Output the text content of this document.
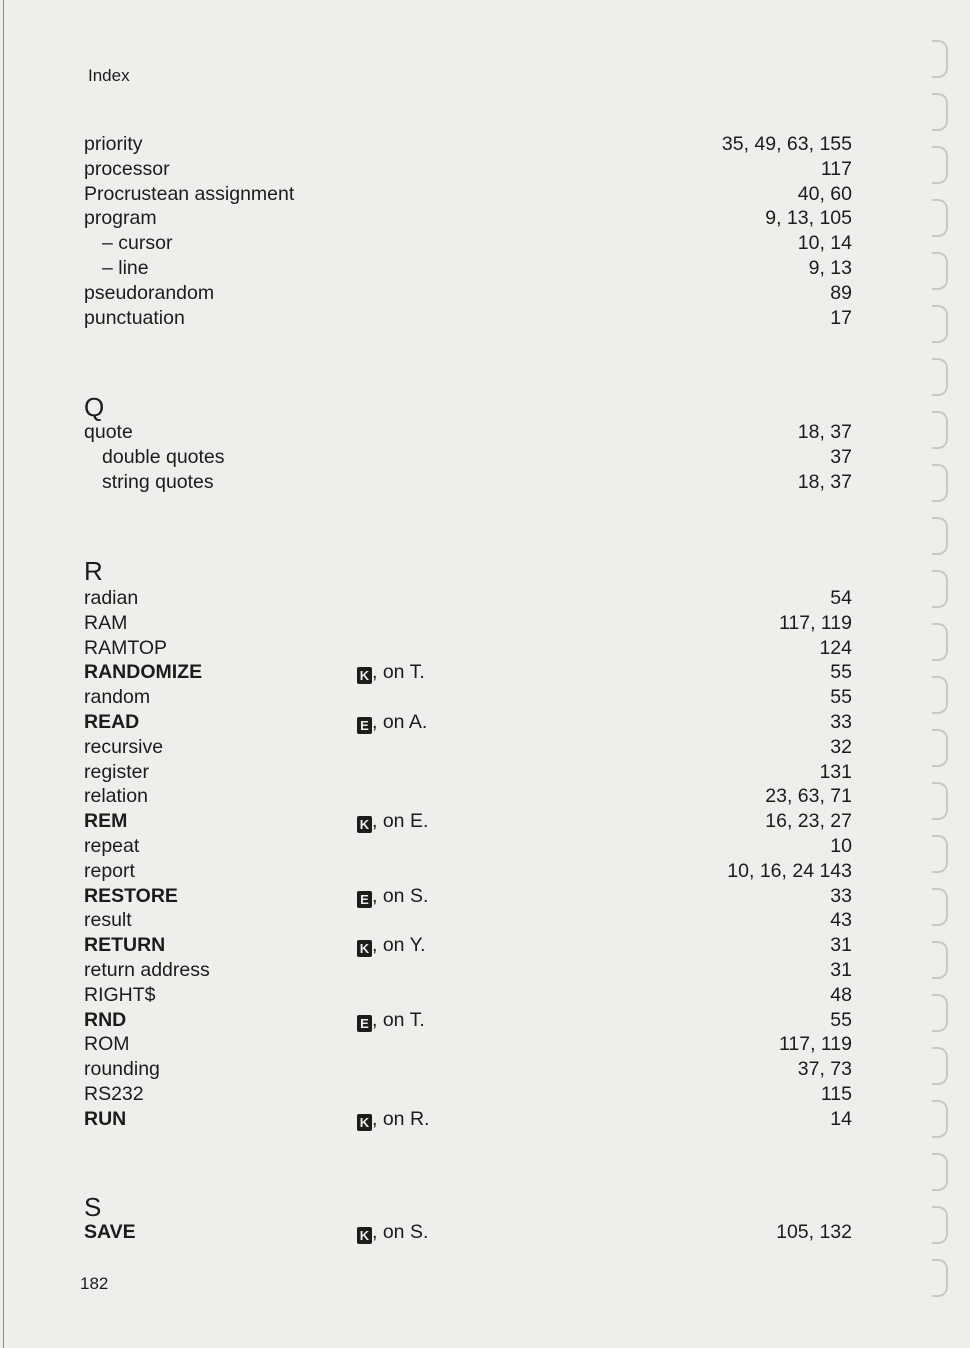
Index
priority	35, 49, 63, 155
processor	117
Procrustean assignment	40, 60
program	9, 13, 105
– cursor	10, 14
– line	9, 13
pseudorandom	89
punctuation	17
Q
quote	18, 37
double quotes	37
string quotes	18, 37
R
radian	54
RAM	117, 119
RAMTOP	124
RANDOMIZE	K , on T.	55
random	55
READ	E , on A.	33
recursive	32
register	131
relation	23, 63, 71
REM	K , on E.	16, 23, 27
repeat	10
report	10, 16, 24 143
RESTORE	E , on S.	33
result	43
RETURN	K , on Y.	31
return address	31
RIGHT$	48
RND	E , on T.	55
ROM	117, 119
rounding	37, 73
RS232	115
RUN	K , on R.	14
S
SAVE	K , on S.	105, 132
182
